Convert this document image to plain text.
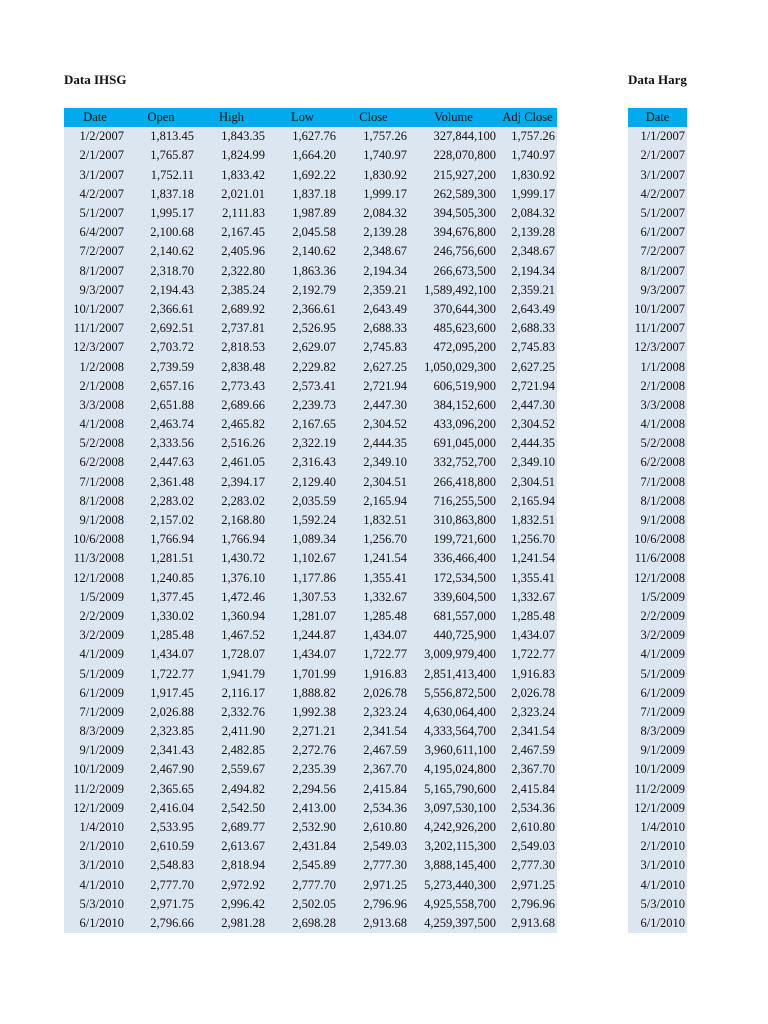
Data IHSG	Data Harg
Date	Open	High	Low	Close	Volume	Adj Close
1/2/2007	1,813.45	1,843.35	1,627.76	1,757.26	327,844,100	1,757.26
2/1/2007	1,765.87	1,824.99	1,664.20	1,740.97	228,070,800	1,740.97
3/1/2007	1,752.11	1,833.42	1,692.22	1,830.92	215,927,200	1,830.92
4/2/2007	1,837.18	2,021.01	1,837.18	1,999.17	262,589,300	1,999.17
5/1/2007	1,995.17	2,111.83	1,987.89	2,084.32	394,505,300	2,084.32
6/4/2007	2,100.68	2,167.45	2,045.58	2,139.28	394,676,800	2,139.28
7/2/2007	2,140.62	2,405.96	2,140.62	2,348.67	246,756,600	2,348.67
8/1/2007	2,318.70	2,322.80	1,863.36	2,194.34	266,673,500	2,194.34
9/3/2007	2,194.43	2,385.24	2,192.79	2,359.21	1,589,492,100	2,359.21
10/1/2007	2,366.61	2,689.92	2,366.61	2,643.49	370,644,300	2,643.49
11/1/2007	2,692.51	2,737.81	2,526.95	2,688.33	485,623,600	2,688.33
12/3/2007	2,703.72	2,818.53	2,629.07	2,745.83	472,095,200	2,745.83
1/2/2008	2,739.59	2,838.48	2,229.82	2,627.25	1,050,029,300	2,627.25
2/1/2008	2,657.16	2,773.43	2,573.41	2,721.94	606,519,900	2,721.94
3/3/2008	2,651.88	2,689.66	2,239.73	2,447.30	384,152,600	2,447.30
4/1/2008	2,463.74	2,465.82	2,167.65	2,304.52	433,096,200	2,304.52
5/2/2008	2,333.56	2,516.26	2,322.19	2,444.35	691,045,000	2,444.35
6/2/2008	2,447.63	2,461.05	2,316.43	2,349.10	332,752,700	2,349.10
7/1/2008	2,361.48	2,394.17	2,129.40	2,304.51	266,418,800	2,304.51
8/1/2008	2,283.02	2,283.02	2,035.59	2,165.94	716,255,500	2,165.94
9/1/2008	2,157.02	2,168.80	1,592.24	1,832.51	310,863,800	1,832.51
10/6/2008	1,766.94	1,766.94	1,089.34	1,256.70	199,721,600	1,256.70
11/3/2008	1,281.51	1,430.72	1,102.67	1,241.54	336,466,400	1,241.54
12/1/2008	1,240.85	1,376.10	1,177.86	1,355.41	172,534,500	1,355.41
1/5/2009	1,377.45	1,472.46	1,307.53	1,332.67	339,604,500	1,332.67
2/2/2009	1,330.02	1,360.94	1,281.07	1,285.48	681,557,000	1,285.48
3/2/2009	1,285.48	1,467.52	1,244.87	1,434.07	440,725,900	1,434.07
4/1/2009	1,434.07	1,728.07	1,434.07	1,722.77	3,009,979,400	1,722.77
5/1/2009	1,722.77	1,941.79	1,701.99	1,916.83	2,851,413,400	1,916.83
6/1/2009	1,917.45	2,116.17	1,888.82	2,026.78	5,556,872,500	2,026.78
7/1/2009	2,026.88	2,332.76	1,992.38	2,323.24	4,630,064,400	2,323.24
8/3/2009	2,323.85	2,411.90	2,271.21	2,341.54	4,333,564,700	2,341.54
9/1/2009	2,341.43	2,482.85	2,272.76	2,467.59	3,960,611,100	2,467.59
10/1/2009	2,467.90	2,559.67	2,235.39	2,367.70	4,195,024,800	2,367.70
11/2/2009	2,365.65	2,494.82	2,294.56	2,415.84	5,165,790,600	2,415.84
12/1/2009	2,416.04	2,542.50	2,413.00	2,534.36	3,097,530,100	2,534.36
1/4/2010	2,533.95	2,689.77	2,532.90	2,610.80	4,242,926,200	2,610.80
2/1/2010	2,610.59	2,613.67	2,431.84	2,549.03	3,202,115,300	2,549.03
3/1/2010	2,548.83	2,818.94	2,545.89	2,777.30	3,888,145,400	2,777.30
4/1/2010	2,777.70	2,972.92	2,777.70	2,971.25	5,273,440,300	2,971.25
5/3/2010	2,971.75	2,996.42	2,502.05	2,796.96	4,925,558,700	2,796.96
6/1/2010	2,796.66	2,981.28	2,698.28	2,913.68	4,259,397,500	2,913.68
Date
1/1/2007
2/1/2007
3/1/2007
4/2/2007
5/1/2007
6/1/2007
7/2/2007
8/1/2007
9/3/2007
10/1/2007
11/1/2007
12/3/2007
1/1/2008
2/1/2008
3/3/2008
4/1/2008
5/2/2008
6/2/2008
7/1/2008
8/1/2008
9/1/2008
10/6/2008
11/6/2008
12/1/2008
1/5/2009
2/2/2009
3/2/2009
4/1/2009
5/1/2009
6/1/2009
7/1/2009
8/3/2009
9/1/2009
10/1/2009
11/2/2009
12/1/2009
1/4/2010
2/1/2010
3/1/2010
4/1/2010
5/3/2010
6/1/2010
